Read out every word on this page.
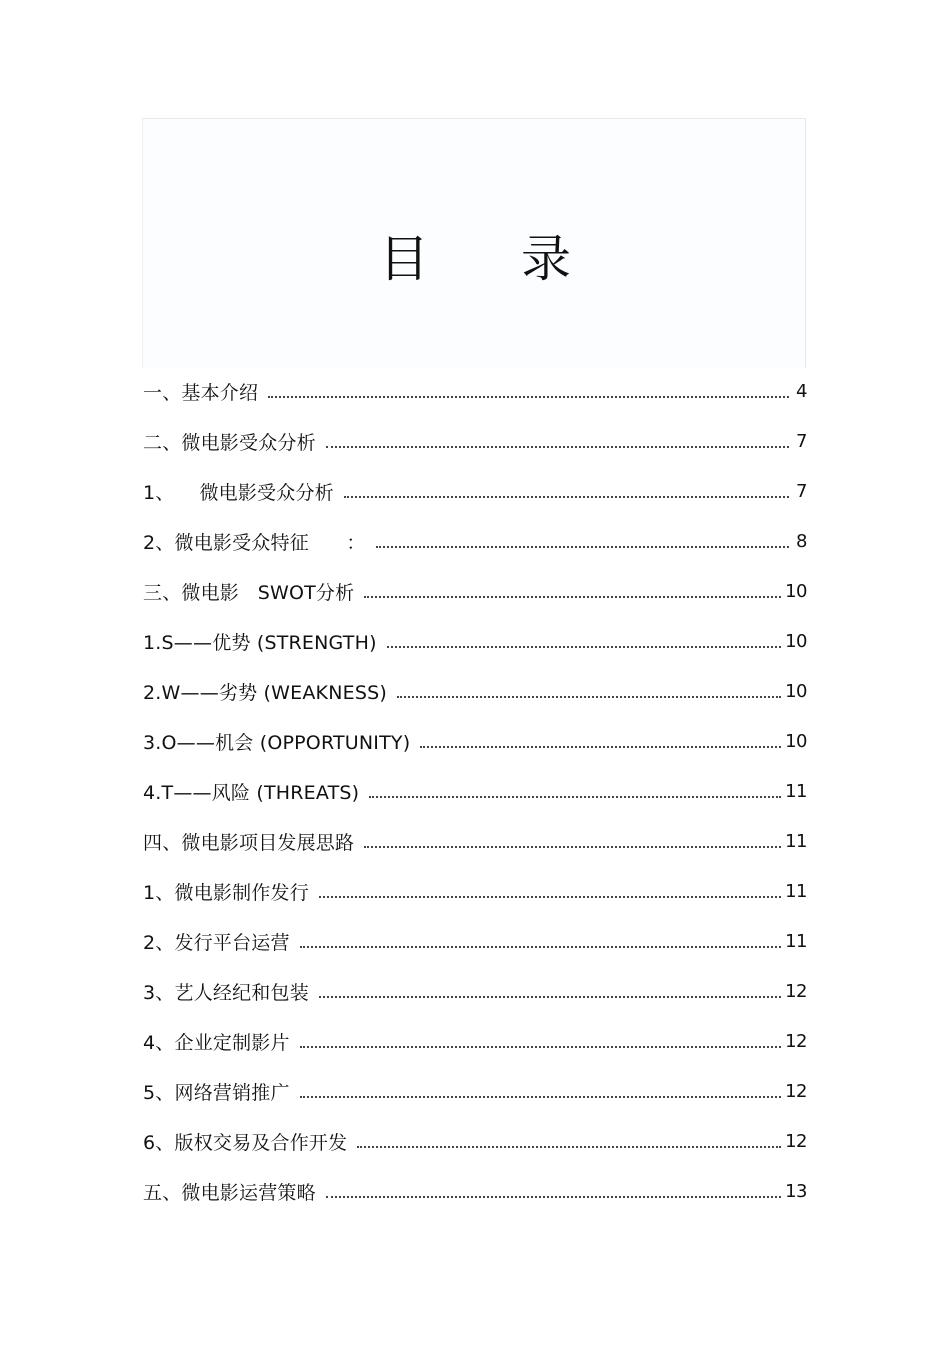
目 录
一、基本介绍	4
二、微电影受众分析	7
1、    微电影受众分析	7
2、微电影受众特征      ：	8
三、微电影   SWOT分析	10
1.S——优势 (STRENGTH)	10
2.W——劣势 (WEAKNESS)	10
3.O——机会 (OPPORTUNITY)	10
4.T——风险 (THREATS)	11
四、微电影项目发展思路	11
1、微电影制作发行	11
2、发行平台运营	11
3、艺人经纪和包装	12
4、企业定制影片	12
5、网络营销推广	12
6、版权交易及合作开发	12
五、微电影运营策略	13
